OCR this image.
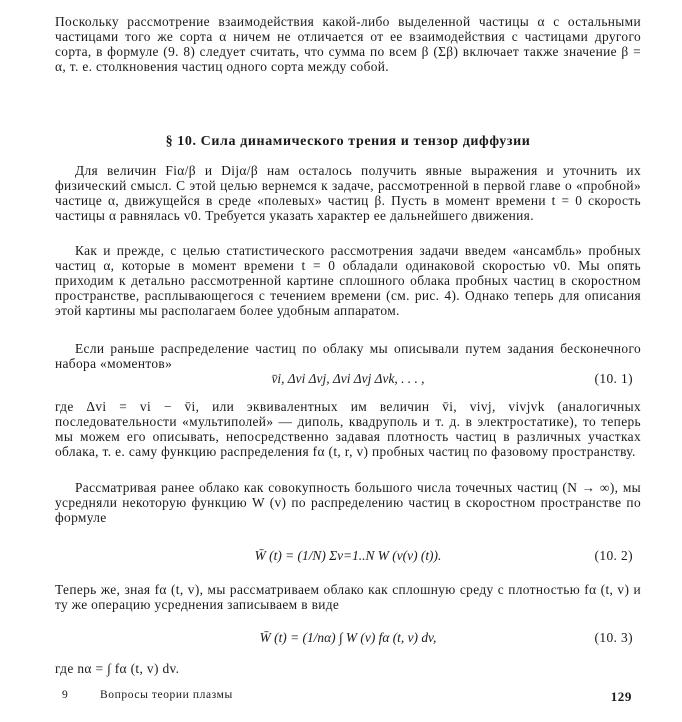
Поскольку рассмотрение взаимодействия какой-либо выделенной частицы α с остальными частицами того же сорта α ничем не отличается от ее взаимодействия с частицами другого сорта, в формуле (9. 8) следует считать, что сумма по всем β (Σβ) включает также значение β = α, т. е. столкновения частиц одного сорта между собой.
§ 10. Сила динамического трения и тензор диффузии
Для величин Fiα/β и Dijα/β нам осталось получить явные выражения и уточнить их физический смысл. С этой целью вернемся к задаче, рассмотренной в первой главе о «пробной» частице α, движущейся в среде «полевых» частиц β. Пусть в момент времени t = 0 скорость частицы α равнялась v0. Требуется указать характер ее дальнейшего движения.
Как и прежде, с целью статистического рассмотрения задачи введем «ансамбль» пробных частиц α, которые в момент времени t = 0 обладали одинаковой скоростью v0. Мы опять приходим к детально рассмотренной картине сплошного облака пробных частиц в скоростном пространстве, расплывающегося с течением времени (см. рис. 4). Однако теперь для описания этой картины мы располагаем более удобным аппаратом.
Если раньше распределение частиц по облаку мы описывали путем задания бесконечного набора «моментов»
v̄i, Δvi Δvj, Δvi Δvj Δvk, . . . ,	(10. 1)
где Δvi = vi − v̄i, или эквивалентных им величин v̄i, vivj, vivjvk (аналогичных последовательности «мультиполей» — диполь, квадруполь и т. д. в электростатике), то теперь мы можем его описывать, непосредственно задавая плотность частиц в различных участках облака, т. е. саму функцию распределения fα (t, r, v) пробных частиц по фазовому пространству.
Рассматривая ранее облако как совокупность большого числа точечных частиц (N → ∞), мы усредняли некоторую функцию W (v) по распределению частиц в скоростном пространстве по формуле
W̄ (t) = (1/N) Σν=1..N W (v(ν) (t)).	(10. 2)
Теперь же, зная fα (t, v), мы рассматриваем облако как сплошную среду с плотностью fα (t, v) и ту же операцию усреднения записываем в виде
W̄ (t) = (1/nα) ∫ W (v) fα (t, v) dv,	(10. 3)
где nα = ∫ fα (t, v) dv.
9	Вопросы теории плазмы	129
